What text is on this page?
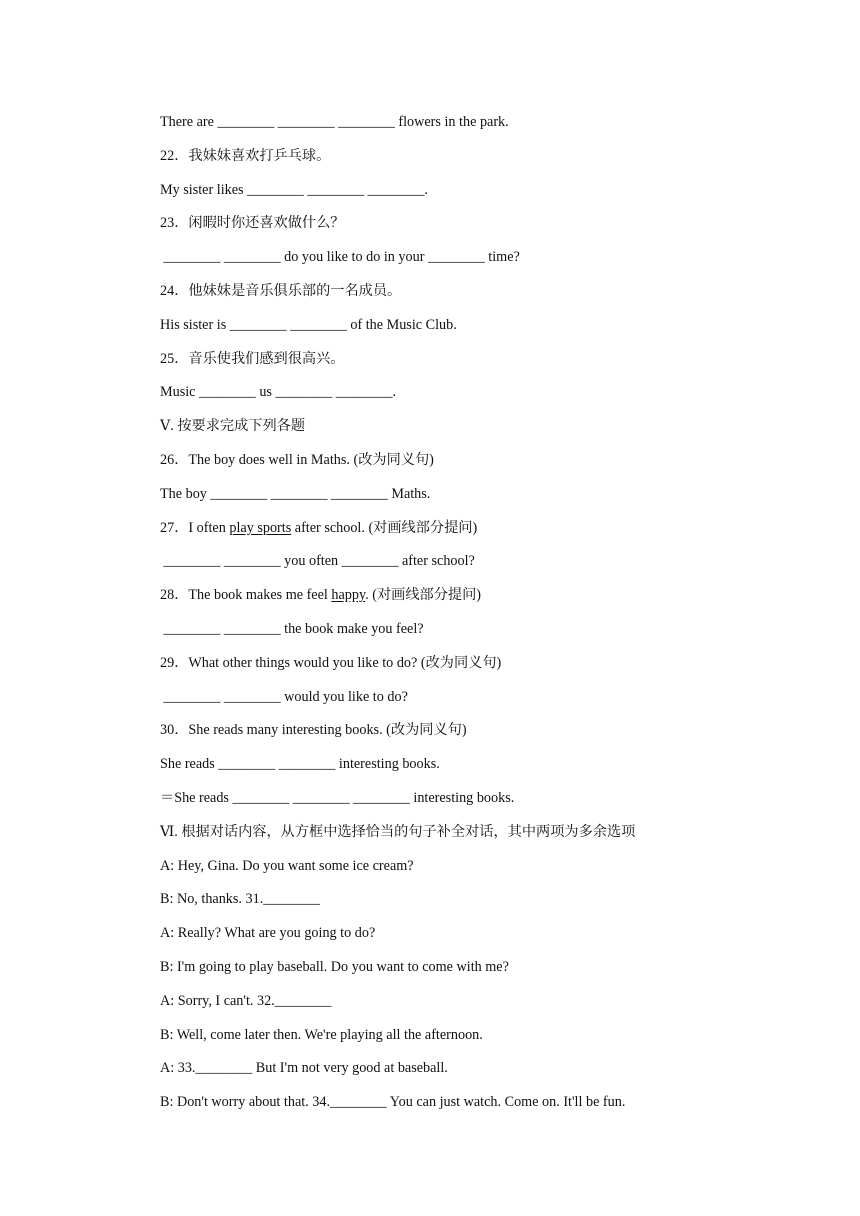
There are ________ ________ ________ flowers in the park.
22．我妹妹喜欢打乒乓球。
My sister likes ________ ________ ________.
23．闲暇时你还喜欢做什么？
________ ________ do you like to do in your ________ time?
24．他妹妹是音乐俱乐部的一名成员。
His sister is ________ ________ of the Music Club.
25．音乐使我们感到很高兴。
Music ________ us ________ ________.
Ⅴ. 按要求完成下列各题
26．The boy does well in Maths. (改为同义句)
The boy ________ ________ ________ Maths.
27．I often play sports after school. (对画线部分提问)
________ ________ you often ________ after school?
28．The book makes me feel happy. (对画线部分提问)
________ ________ the book make you feel?
29．What other things would you like to do? (改为同义句)
________ ________ would you like to do?
30．She reads many interesting books. (改为同义句)
She reads ________ ________ interesting books.
＝She reads ________ ________ ________ interesting books.
Ⅵ. 根据对话内容，从方框中选择恰当的句子补全对话，其中两项为多余选项
A: Hey, Gina. Do you want some ice cream?
B: No, thanks. 31.________
A: Really? What are you going to do?
B: I'm going to play baseball. Do you want to come with me?
A: Sorry, I can't. 32.________
B: Well, come later then. We're playing all the afternoon.
A: 33.________ But I'm not very good at baseball.
B: Don't worry about that. 34.________ You can just watch. Come on. It'll be fun.
